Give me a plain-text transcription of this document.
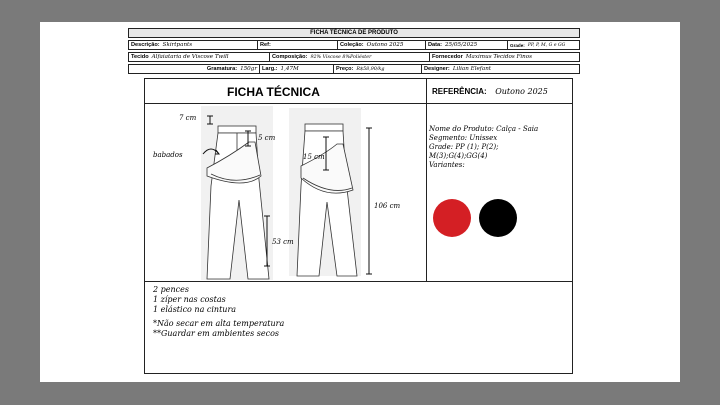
FICHA TÉCNICA DE PRODUTO
Descrição: Skirtpants	Ref:	Coleção: Outono 2025	Data: 25/05/2025	Grade: PP, P, M, G e GG
Tecido Alfaiataria de Viscose Twill	Composição: 92% Viscose 8%Poliéster	Fornecedor Maximus Tecidos Finos
Gramatura: 150gr Larg.: 1,47M	Preço: R$58,90/kg	Designer: Lilian Elefant
FICHA TÉCNICA	REFERÊNCIA: Outono 2025
7 cm
5 cm
babados
53 cm
15 cm
106 cm
Nome do Produto: Calça - Saia
Segmento: Unissex
Grade: PP (1); P(2);
M(3);G(4);GG(4)
Variantes:
2 pences
1 zíper nas costas
1 elástico na cintura
*Não secar em alta temperatura
**Guardar em ambientes secos
